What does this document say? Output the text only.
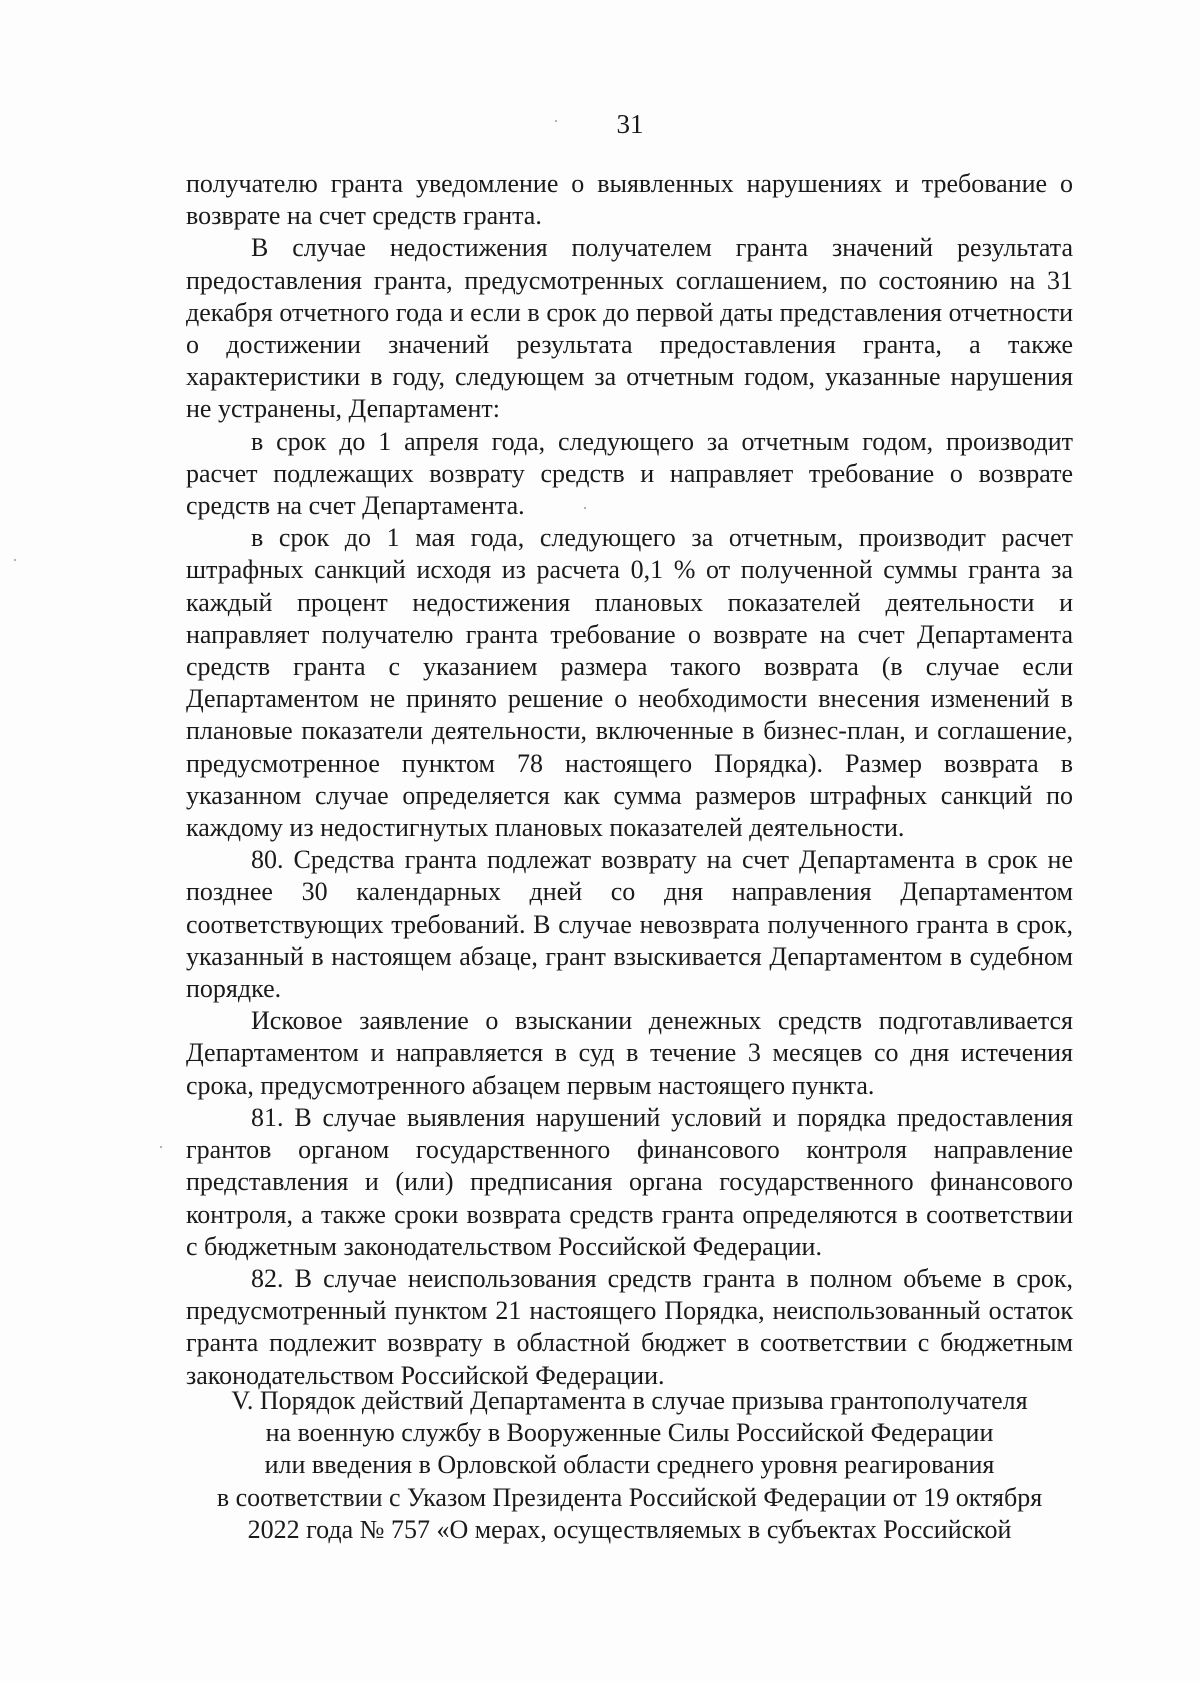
31

получателю гранта уведомление о выявленных нарушениях и требование о возврате на счет средств гранта.

В случае недостижения получателем гранта значений результата предоставления гранта, предусмотренных соглашением, по состоянию на 31 декабря отчетного года и если в срок до первой даты представления отчетности о достижении значений результата предоставления гранта, а также характеристики в году, следующем за отчетным годом, указанные нарушения не устранены, Департамент:

в срок до 1 апреля года, следующего за отчетным годом, производит расчет подлежащих возврату средств и направляет требование о возврате средств на счет Департамента.

в срок до 1 мая года, следующего за отчетным, производит расчет штрафных санкций исходя из расчета 0,1 % от полученной суммы гранта за каждый процент недостижения плановых показателей деятельности и направляет получателю гранта требование о возврате на счет Департамента средств гранта с указанием размера такого возврата (в случае если Департаментом не принято решение о необходимости внесения изменений в плановые показатели деятельности, включенные в бизнес-план, и соглашение, предусмотренное пунктом 78 настоящего Порядка). Размер возврата в указанном случае определяется как сумма размеров штрафных санкций по каждому из недостигнутых плановых показателей деятельности.

80. Средства гранта подлежат возврату на счет Департамента в срок не позднее 30 календарных дней со дня направления Департаментом соответствующих требований. В случае невозврата полученного гранта в срок, указанный в настоящем абзаце, грант взыскивается Департаментом в судебном порядке.

Исковое заявление о взыскании денежных средств подготавливается Департаментом и направляется в суд в течение 3 месяцев со дня истечения срока, предусмотренного абзацем первым настоящего пункта.

81. В случае выявления нарушений условий и порядка предоставления грантов органом государственного финансового контроля направление представления и (или) предписания органа государственного финансового контроля, а также сроки возврата средств гранта определяются в соответствии с бюджетным законодательством Российской Федерации.

82. В случае неиспользования средств гранта в полном объеме в срок, предусмотренный пунктом 21 настоящего Порядка, неиспользованный остаток гранта подлежит возврату в областной бюджет в соответствии с бюджетным законодательством Российской Федерации.

V. Порядок действий Департамента в случае призыва грантополучателя
на военную службу в Вооруженные Силы Российской Федерации
или введения в Орловской области среднего уровня реагирования
в соответствии с Указом Президента Российской Федерации от 19 октября
2022 года № 757 «О мерах, осуществляемых в субъектах Российской
